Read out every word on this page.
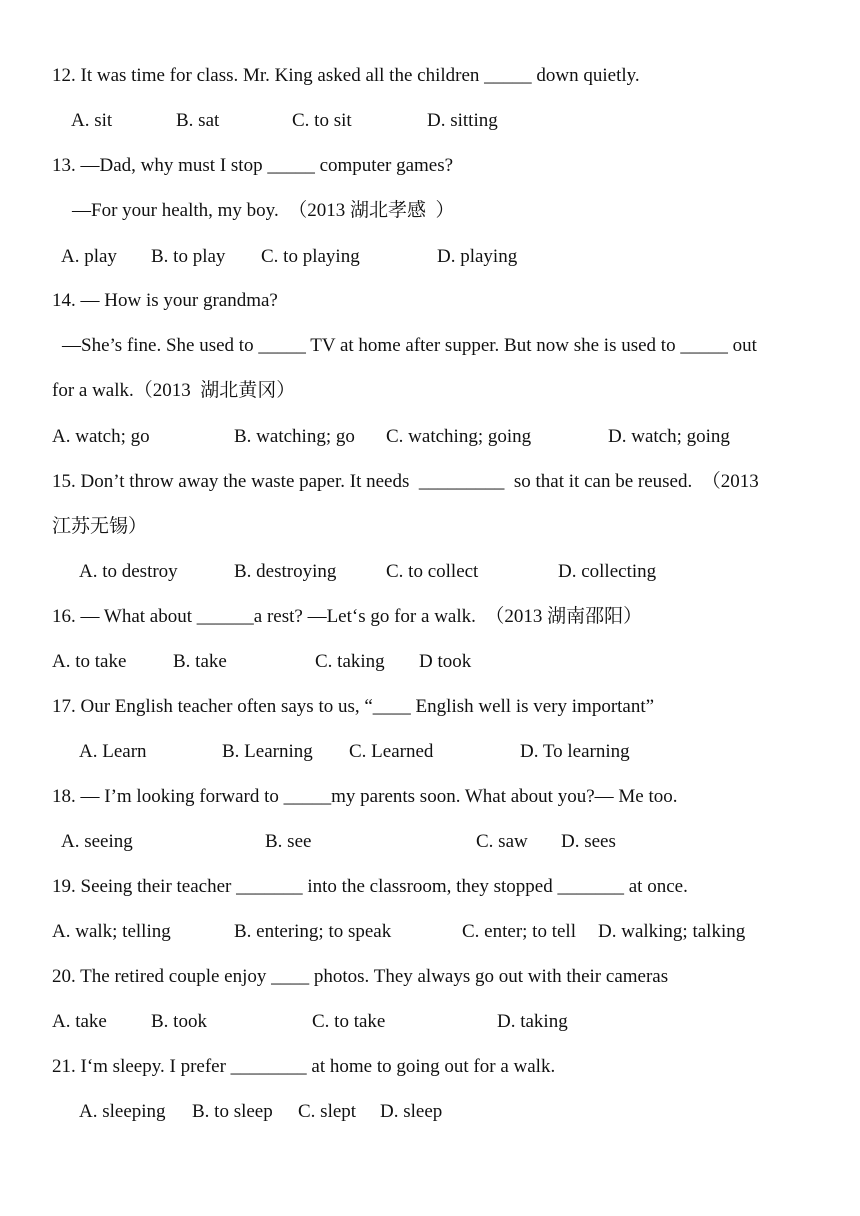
12. It was time for class. Mr. King asked all the children _____ down quietly.
A. sit	B. sat	C. to sit	D. sitting
13. —Dad, why must I stop _____ computer games?
—For your health, my boy.  （2013 湖北孝感  ）
A. play B. to play C. to playing	D. playing
14. — How is your grandma?
—She’s fine. She used to _____ TV at home after supper. But now she is used to _____ out
for a walk.（2013  湖北黄冈）
A. watch; go	B. watching; go C. watching; going	D. watch; going
15. Don’t throw away the waste paper. It needs  _________  so that it can be reused.  （2013
江苏无锡）
A. to destroy	B. destroying	C. to collect	D. collecting
16. — What about ______a rest? —Let‘s go for a walk.  （2013 湖南邵阳）
A. to take B. take	C. taking D took
17. Our English teacher often says to us, “____ English well is very important”
A. Learn	B. Learning C. Learned	D. To learning
18. — I’m looking forward to _____my parents soon. What about you?— Me too.
A. seeing	B. see	C. saw D. sees
19. Seeing their teacher _______ into the classroom, they stopped _______ at once.
A. walk; telling	B. entering; to speak	C. enter; to tell D. walking; talking
20. The retired couple enjoy ____ photos. They always go out with their cameras
A. take B. took	C. to take	D. taking
21. I‘m sleepy. I prefer ________ at home to going out for a walk.
A. sleeping B. to sleep C. slept D. sleep
